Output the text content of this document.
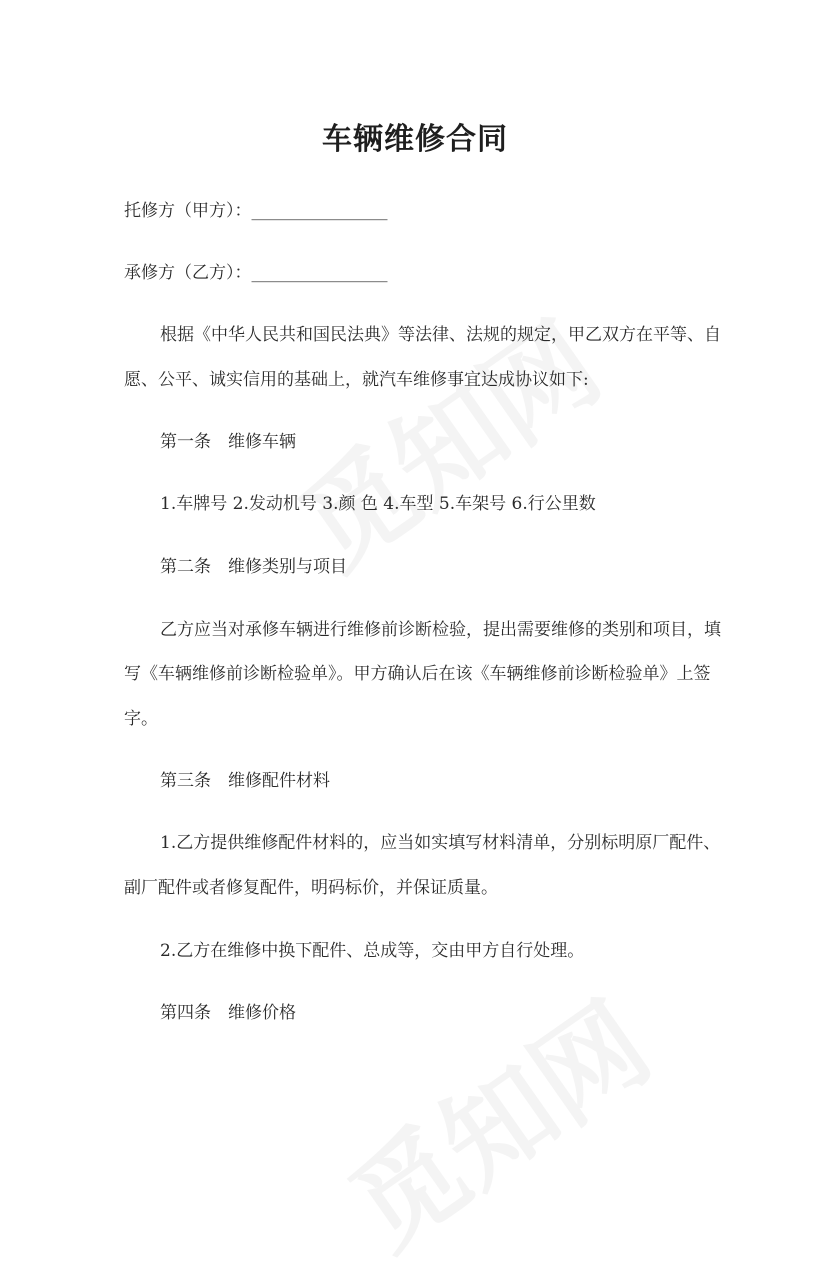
车辆维修合同
托修方（甲方）：________________
承修方（乙方）：________________
根据《中华人民共和国民法典》等法律、法规的规定，甲乙双方在平等、自
愿、公平、诚实信用的基础上，就汽车维修事宜达成协议如下:
第一条　维修车辆
1.车牌号 2.发动机号 3.颜 色 4.车型 5.车架号 6.行公里数
第二条　维修类别与项目
乙方应当对承修车辆进行维修前诊断检验，提出需要维修的类别和项目，填
写《车辆维修前诊断检验单》。甲方确认后在该《车辆维修前诊断检验单》上签
字。
第三条　维修配件材料
1.乙方提供维修配件材料的，应当如实填写材料清单，分别标明原厂配件、
副厂配件或者修复配件，明码标价，并保证质量。
2.乙方在维修中换下配件、总成等，交由甲方自行处理。
第四条　维修价格
